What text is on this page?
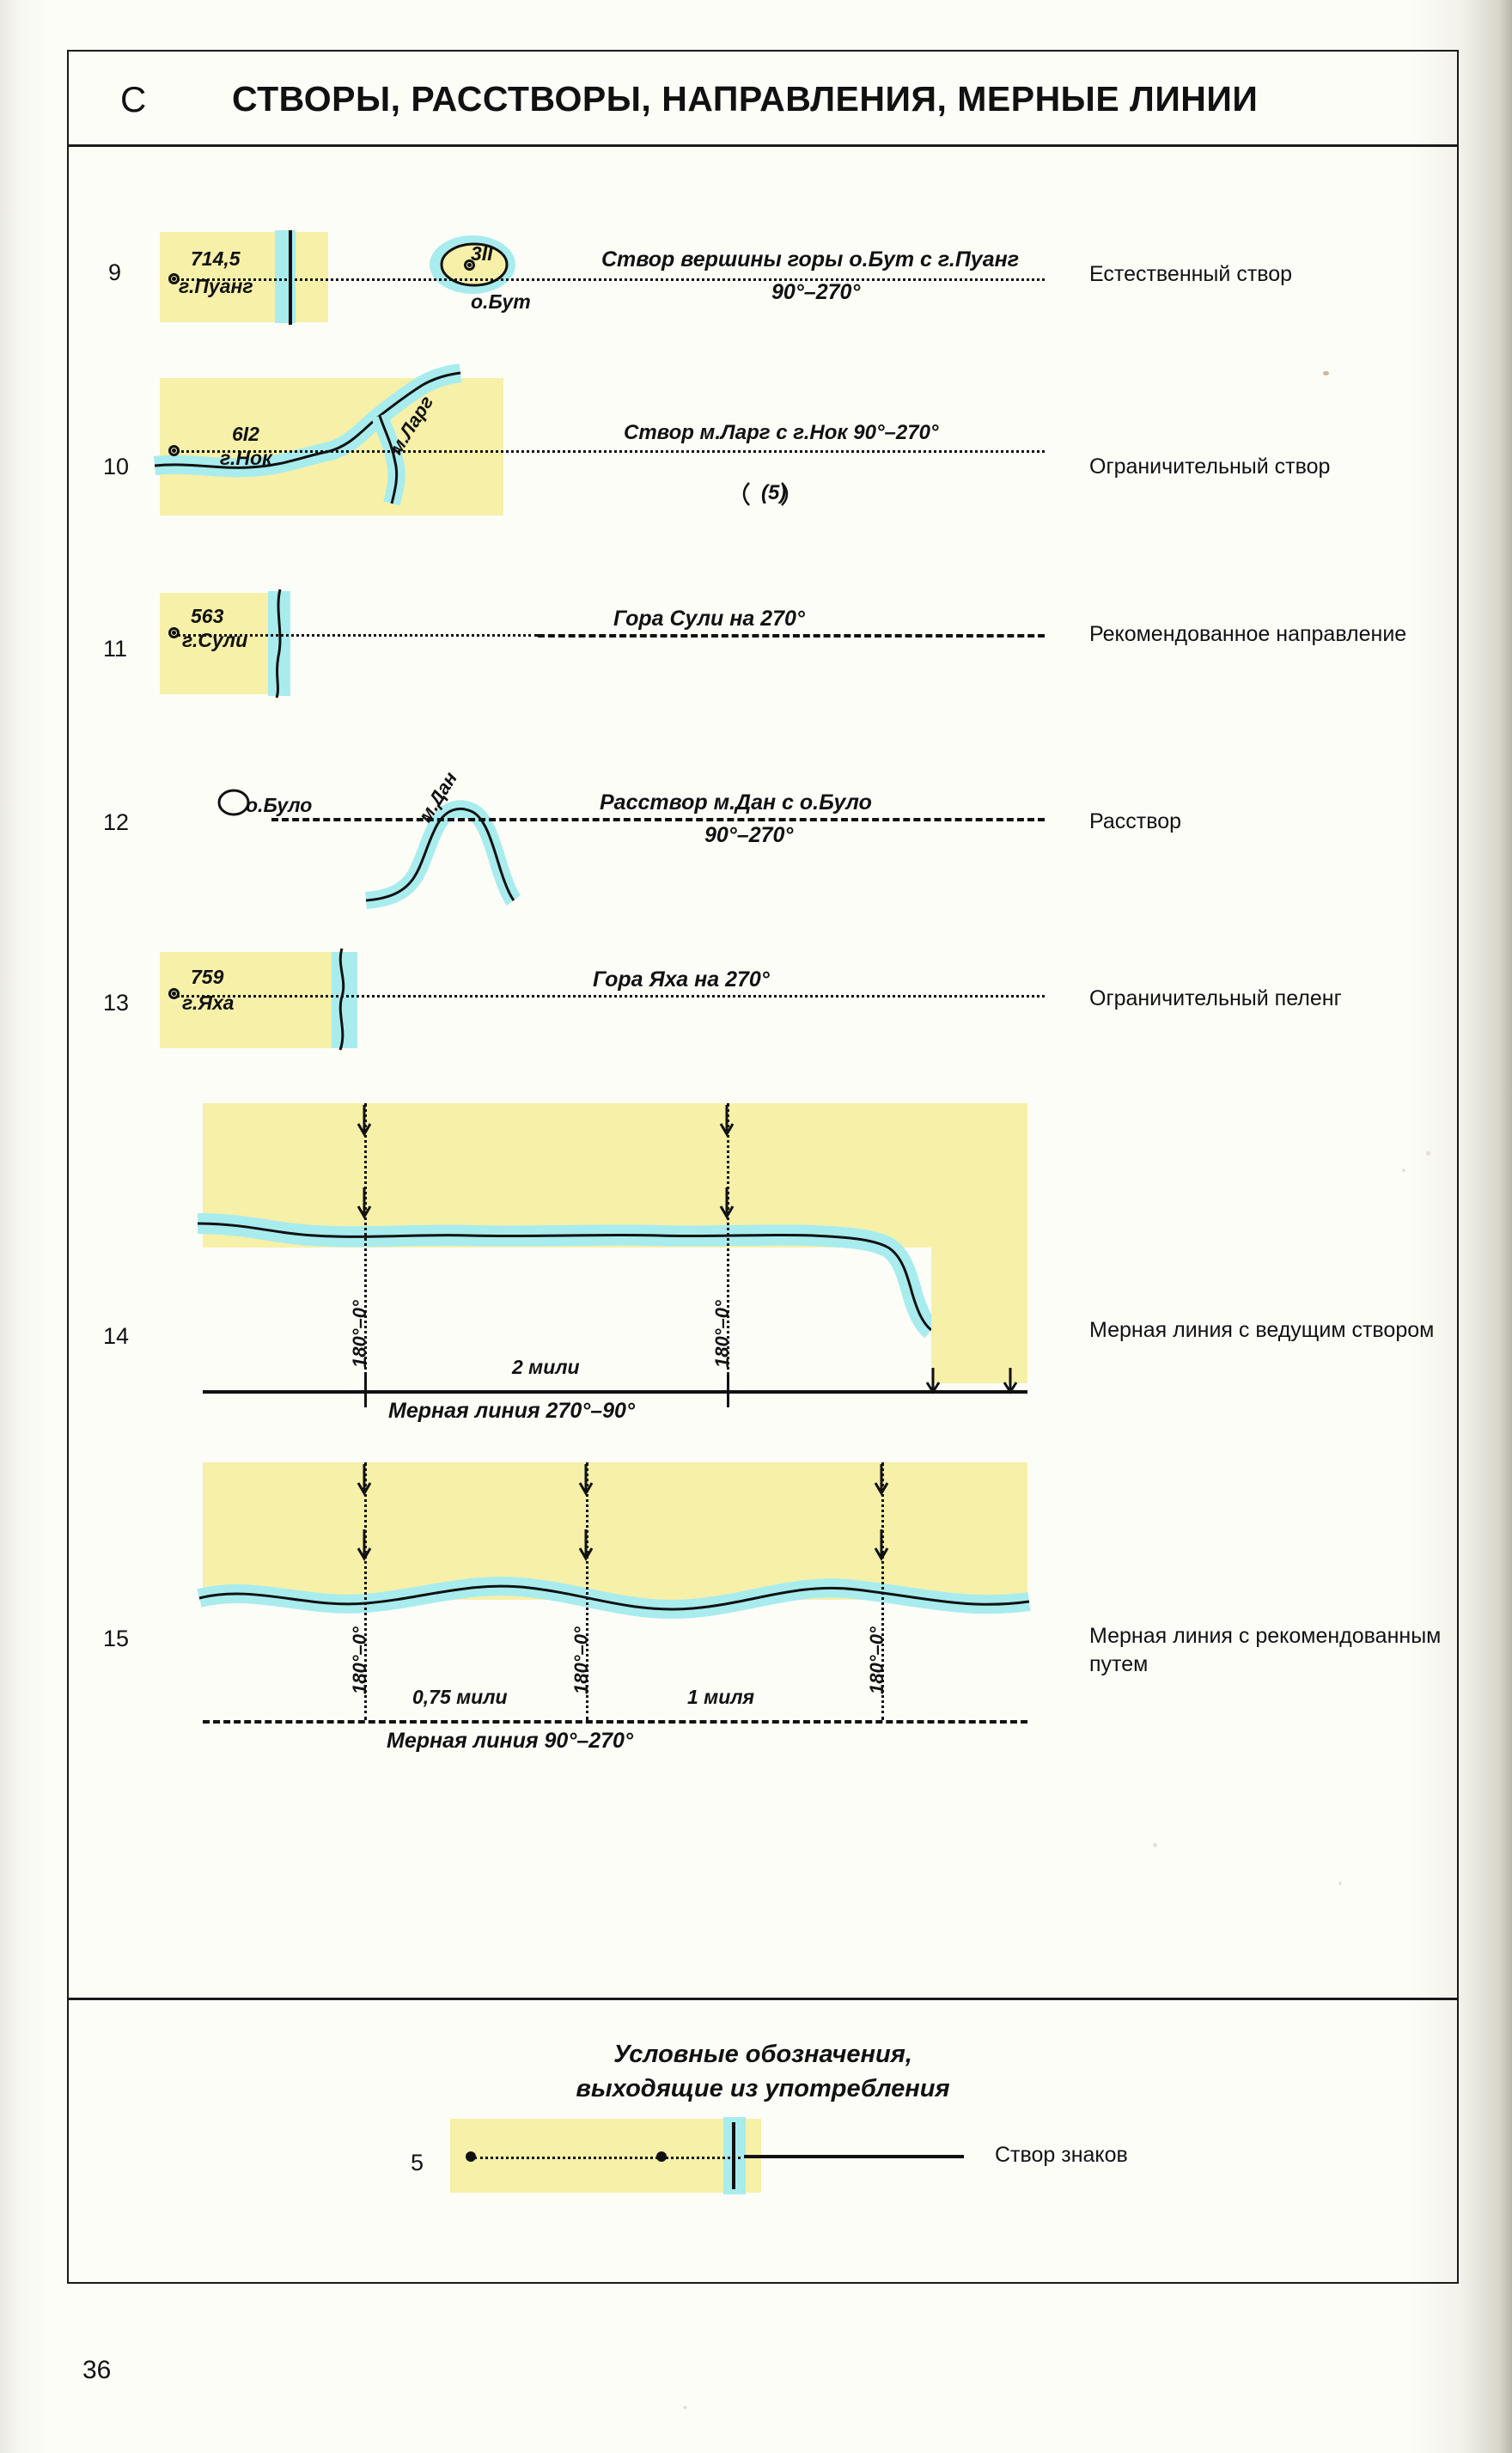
C СТВОРЫ, РАССТВОРЫ, НАПРАВЛЕНИЯ, МЕРНЫЕ ЛИНИИ
36
9
714,5
г.Пуанг
3II
о.Бут
Створ вершины горы о.Бут с г.Пуанг
90°–270°
Естественный створ
10
6I2
г.Нок	м.Ларг	Створ м.Ларг с г.Нок 90°–270°
(5)
Ограничительный створ
11
563
г.Сули
Гора Сули на 270°
Рекомендованное направление
12
о.Було	м.Дан	Расствор м.Дан с о.Було
90°–270°
Расствор
13
759
г.Яха
Гора Яха на 270°
Ограничительный пеленг
14	180°–0°	180°–0°
2 мили
Мерная линия 270°–90°
Мерная линия с ведущим створом
15	180°–0°	180°–0°	180°–0°
0,75 мили	1 миля
Мерная линия 90°–270°
Мерная линия с рекомендованным путем
Условные обозначения,
выходящие из употребления
5	Створ знаков
